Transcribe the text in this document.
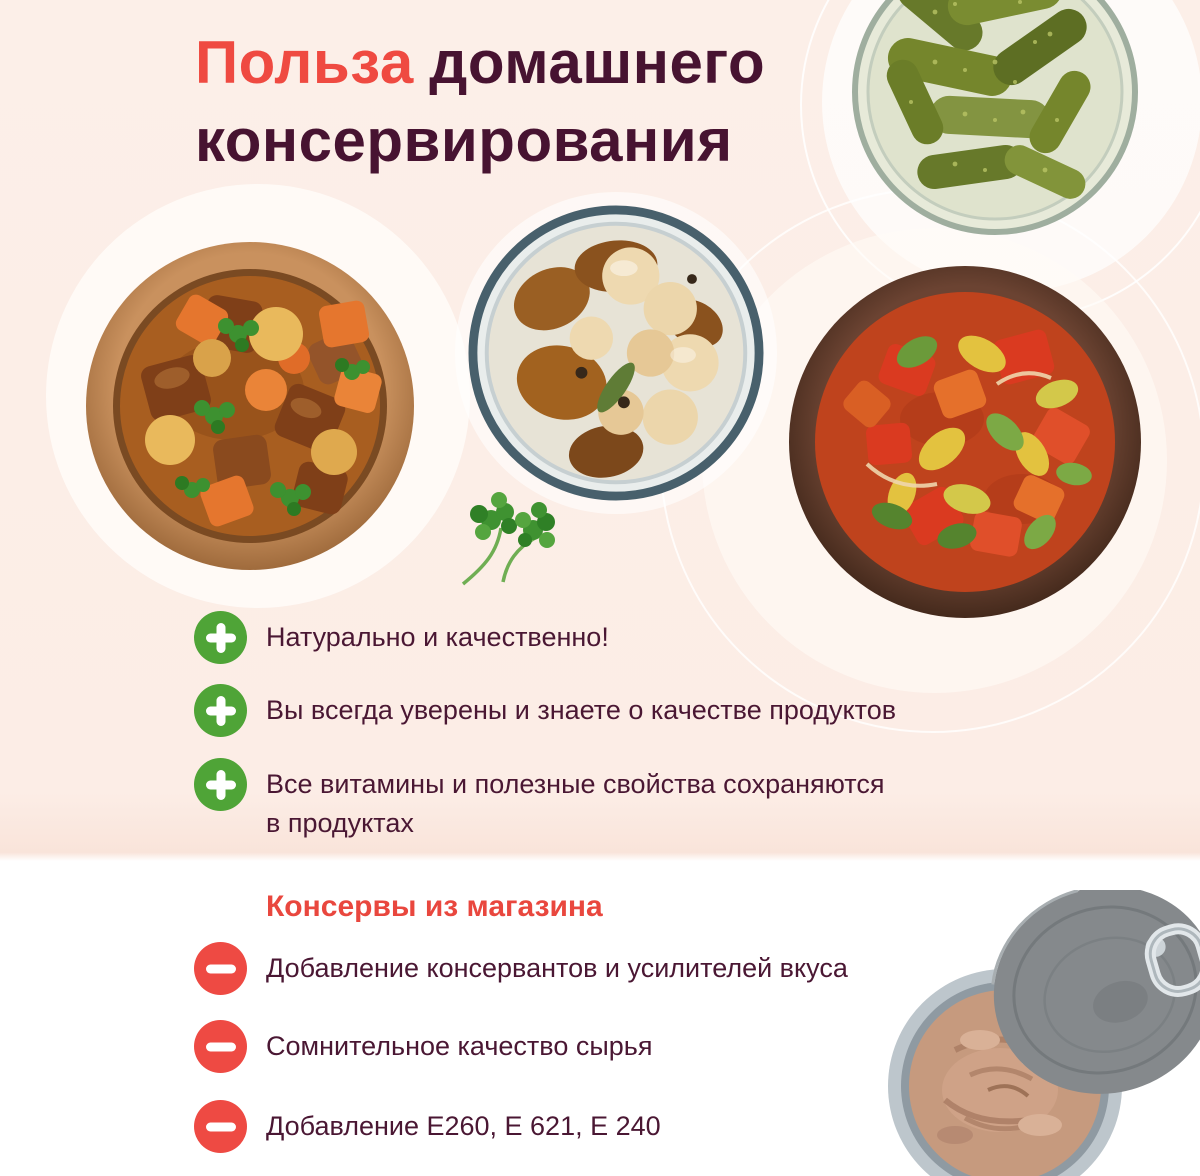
Польза домашнего
консервирования
Натурально и качественно!
Вы всегда уверены и знаете о качестве продуктов
Все витамины и полезные свойства сохраняются
в продуктах
Консервы из магазина
Добавление консервантов и усилителей вкуса
Сомнительное качество сырья
Добавление Е260, Е 621, Е 240
